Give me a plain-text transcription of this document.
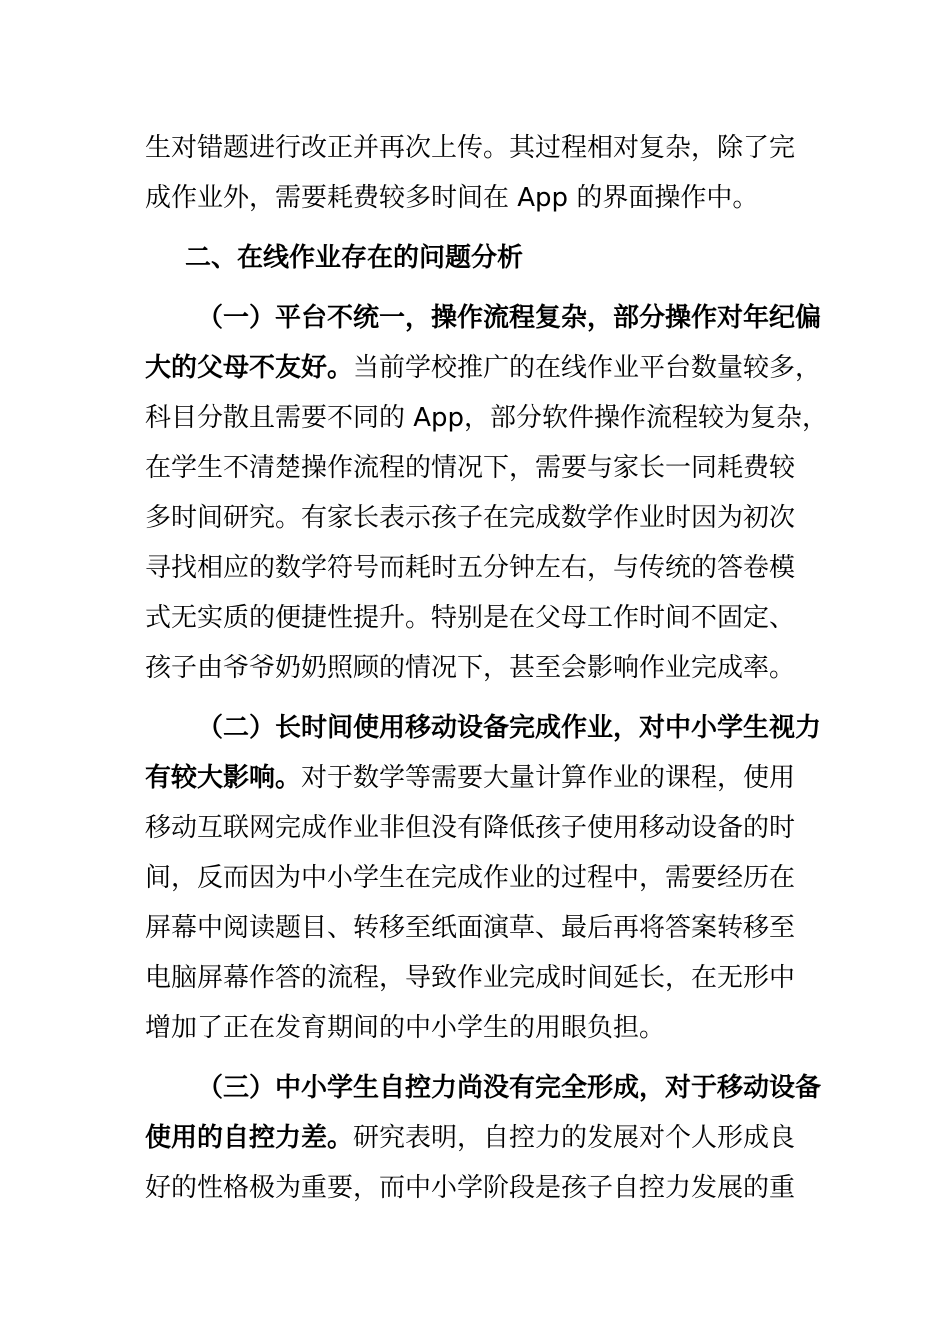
生对错题进行改正并再次上传。其过程相对复杂，除了完
成作业外，需要耗费较多时间在 App 的界面操作中。
二、在线作业存在的问题分析
（一）平台不统一，操作流程复杂，部分操作对年纪偏
大的父母不友好。当前学校推广的在线作业平台数量较多，
科目分散且需要不同的 App，部分软件操作流程较为复杂，
在学生不清楚操作流程的情况下，需要与家长一同耗费较
多时间研究。有家长表示孩子在完成数学作业时因为初次
寻找相应的数学符号而耗时五分钟左右，与传统的答卷模
式无实质的便捷性提升。特别是在父母工作时间不固定、
孩子由爷爷奶奶照顾的情况下，甚至会影响作业完成率。
（二）长时间使用移动设备完成作业，对中小学生视力
有较大影响。对于数学等需要大量计算作业的课程，使用
移动互联网完成作业非但没有降低孩子使用移动设备的时
间，反而因为中小学生在完成作业的过程中，需要经历在
屏幕中阅读题目、转移至纸面演草、最后再将答案转移至
电脑屏幕作答的流程，导致作业完成时间延长，在无形中
增加了正在发育期间的中小学生的用眼负担。
（三）中小学生自控力尚没有完全形成，对于移动设备
使用的自控力差。研究表明，自控力的发展对个人形成良
好的性格极为重要，而中小学阶段是孩子自控力发展的重
